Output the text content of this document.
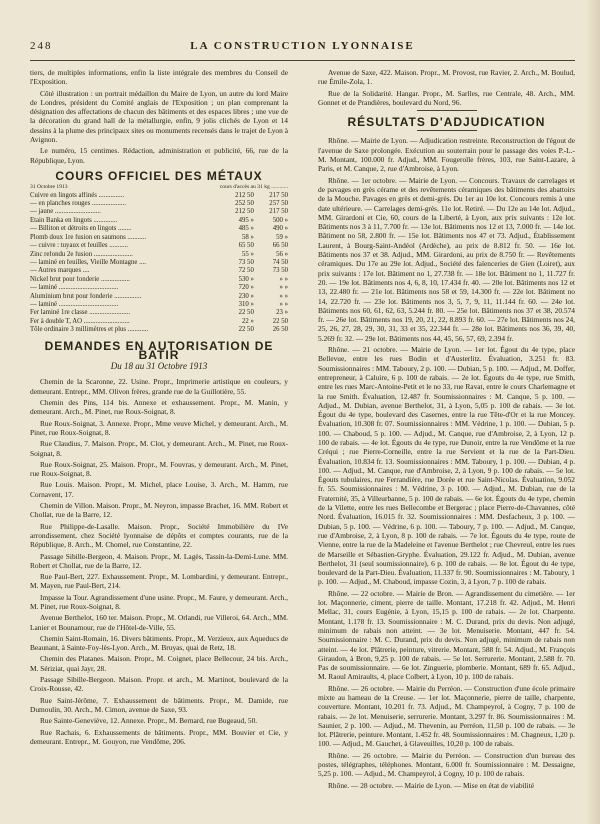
248	LA CONSTRUCTION LYONNAISE

tiers, de multiples informations, enfin la liste intégrale des membres du Conseil de l'Exposition.

Côté illustration : un portrait médaillon du Maire de Lyon, un autre du lord Maire de Londres, président du Comité anglais de l'Exposition ; un plan comprenant la désignation des affectations de chacun des bâtiments et des espaces libres ; une vue de la décoration du grand hall de la métallurgie, enfin, 9 jolis clichés de Lyon et 14 dessins à la plume des principaux sites ou monuments recensés dans le trajet de Lyon à Avignon.

Le numéro, 15 centimes. Rédaction, administration et publicité, 66, rue de la République, Lyon.

COURS OFFICIEL DES MÉTAUX
31 Octobre 1913	cours d'accès au 31 kg ............	
Cuivre en lingots affinés ...............	212 50	217 50
— en planches rouges ....................	252 50	257 50
— jaune ...........................	212 50	217 50
Étain Banka en lingots ..............	495 »	500 »
— Billiton et détroits en lingots ........	485 »	490 »
Plomb doux 1re fusion en saumons ...........	58 »	59 »
— cuivre : tuyaux et feuilles ...........	65 50	66 50
Zinc refondu 2e fusion .......................	55 »	56 »
— laminé en feuilles, Vieille Montagne ....	73 50	74 50
— Autres marques ....	72 50	73 50
Nickel brut pour fonderie .................	530 »	» »
— laminé ...................................	720 »	» »
Aluminium brut pour fonderie ................	230 »	» »
— laminé ...................................	310 »	» »
Fer laminé 1re classe ........................	22 50	23 »
Fer à double T, AO ...........................	22 »	22 50
Tôle ordinaire 3 millimètres et plus ............	22 50	26 50
DEMANDES EN AUTORISATION DE BATIR
Du 18 au 31 Octobre 1913

Chemin de la Scaronne, 22. Usine. Propr., Imprimerie artistique en couleurs, y demeurant. Entrepr., MM. Olivon frères, grande rue de la Guillotière, 55.

Chemin des Pins, 114 bis. Annexe et exhaussement. Propr., M. Manin, y demeurant. Arch., M. Pinet, rue Roux-Soignat, 8.

Rue Roux-Soignat, 3. Annexe. Propr., Mme veuve Michel, y demeurant. Arch., M. Pinet, rue Roux-Soignat, 8.

Rue Claudius, 7. Maison. Propr., M. Clot, y demeurant. Arch., M. Pinet, rue Roux-Soignat, 8.

Rue Roux-Soignat, 25. Maison. Propr., M. Fouvras, y demeurant. Arch., M. Pinet, rue Roux-Soignat, 8.

Rue Louis. Maison. Propr., M. Michel, place Louise, 3. Arch., M. Hamm, rue Cornavent, 17.

Chemin de Villon. Maison. Propr., M. Neyron, impasse Brachet, 16. MM. Robert et Chollat, rue de la Barre, 12.

Rue Philippe-de-Lasalle. Maison. Propr., Société Immobilière du IVe arrondissement, chez Société lyonnaise de dépôts et comptes courants, rue de la République, 8. Arch., M. Chomel, rue Constantine, 22.

Passage Sibille-Bergeon, 4. Maison. Propr., M. Lagès, Tassin-la-Demi-Lune. MM. Robert et Chollat, rue de la Barre, 12.

Rue Paul-Bert, 227. Exhaussement. Propr., M. Lombardini, y demeurant. Entrepr., M. Mayen, rue Paul-Bert, 214.

Impasse la Tour. Agrandissement d'une usine. Propr., M. Faure, y demeurant. Arch., M. Pinet, rue Roux-Soignat, 8.

Avenue Berthelot, 160 ter. Maison. Propr., M. Orlandi, rue Villeroi, 64. Arch., MM. Lanier et Bounamour, rue de l'Hôtel-de-Ville, 55.

Chemin Saint-Romain, 16. Divers bâtiments. Propr., M. Verzieux, aux Aqueducs de Beaunant, à Sainte-Foy-lès-Lyon. Arch., M. Bruyas, quai de Retz, 18.

Chemin des Platanes. Maison. Propr., M. Coignet, place Bellecour, 24 bis. Arch., M. Sériziat, quai Jayr, 28.

Passage Sibille-Bergeon. Maison. Propr. et arch., M. Martinot, boulevard de la Croix-Rousse, 42.

Rue Saint-Jérôme, 7. Exhaussement de bâtiments. Propr., M. Damide, rue Dumoulin, 30. Arch., M. Cimon, avenue de Saxe, 93.

Rue Sainte-Geneviève, 12. Annexe. Propr., M. Bernard, rue Bugeaud, 50.

Rue Rachais, 6. Exhaussements de bâtiments. Propr., MM. Bouvier et Cie, y demeurant. Entrepr., M. Gouyon, rue Vendôme, 206.

Avenue de Saxe, 422. Maison. Propr., M. Provost, rue Ravier, 2. Arch., M. Boulud, rue Émile-Zola, 1.

Rue de la Solidarité. Hangar. Propr., M. Sarlles, rue Centrale, 48. Arch., MM. Gonnet et de Prandières, boulevard du Nord, 96.

RÉSULTATS D'ADJUDICATION

Rhône. — Mairie de Lyon. — Adjudication restreinte. Reconstruction de l'égout de l'avenue de Saxe prolongée. Exécution au souterrain pour le passage des voies P.-L.-M. Montant, 100.000 fr. Adjud., MM. Fougerolle frères, 103, rue Saint-Lazare, à Paris, et M. Canque, 2, rue d'Ambroise, à Lyon.

Rhône. — 1er octobre. — Mairie de Lyon. — Concours. Travaux de carrelages et de pavages en grès cérame et des revêtements céramiques des bâtiments des abattoirs de la Mouche. Pavages en grès et demi-grès. Du 1er au 10e lot. Concours remis à une date ultérieure. — Carrelages demi-grès. 11e lot. Retiré. — Du 12e au 14e lot. Adjud., MM. Girardoni et Cie, 60, cours de la Liberté, à Lyon, aux prix suivants : 12e lot. Bâtiments nos 3 à 11, 7.700 fr. — 13e lot. Bâtiments nos 12 et 13, 7.000 fr. — 14e lot. Bâtiment no 58, 2.800 fr. — 15e lot. Bâtiments nos 47 et 73. Adjud., Établissement Laurent, à Bourg-Saint-Andéol (Ardèche), au prix de 8.812 fr. 50. — 16e lot. Bâtiments nos 37 et 38. Adjud., MM. Girardoni, au prix de 8.750 fr. — Revêtements céramiques. Du 17e au 29e lot. Adjud., Société des faïenceries de Gien (Loiret), aux prix suivants : 17e lot. Bâtiment no 1, 27.738 fr. — 18e lot. Bâtiment no 1, 11.727 fr. 20. — 19e lot. Bâtiments nos 4, 6, 8, 10, 17.434 fr. 40. — 20e lot. Bâtiments nos 12 et 13, 22.480 fr. — 21e lot. Bâtiments nos 58 et 59, 14.300 fr. — 22e lot. Bâtiment no 14, 22.720 fr. — 23e lot. Bâtiments nos 3, 5, 7, 9, 11, 11.144 fr. 60. — 24e lot. Bâtiments nos 60, 61, 62, 63, 5.244 fr. 80. — 25e lot. Bâtiments nos 37 et 38, 20.574 fr. — 26e lot. Bâtiments nos 19, 20, 21, 22, 8.893 fr. 60. — 27e lot. Bâtiments nos 24, 25, 26, 27, 28, 29, 30, 31, 33 et 35, 22.344 fr. — 28e lot. Bâtiments nos 36, 39, 40, 5.269 fr. 32. — 29e lot. Bâtiments nos 44, 45, 56, 57, 69, 2.394 fr.

Rhône. — 21 octobre. — Mairie de Lyon. — 1er lot. Égout du 4e type, place Bellevue, entre les rues Bodin et d'Austerlitz. Évaluation, 3.251 fr. 83. Soumissionnaires : MM. Taboury, 2 p. 100. — Dubian, 5 p. 100. — Adjud., M. Doffer, entrepreneur, à Caluire, 6 p. 100 de rabais. — 2e lot. Égouts du 4e type, rue Smith, entre les rues Marc-Antoine-Petit et le no 33, rue Ravat, entre le cours Charlemagne et la rue Smith. Évaluation, 12.487 fr. Soumissionnaires : M. Canque, 5 p. 100. — Adjud., M. Dubian, avenue Berthelot, 31, à Lyon, 5,05 p. 100 de rabais. — 3e lot. Égout du 4e type, boulevard des Casernes, entre la rue Tête-d'Or et la rue Moncey. Évaluation, 10.308 fr. 07. Soumissionnaires : MM. Védrine, 1 p. 100. — Dubian, 5 p. 100. — Chaboud, 5 p. 100. — Adjud., M. Canque, rue d'Ambroise, 2, à Lyon, 12 p. 100 de rabais. — 4e lot. Égouts du 4e type, rue Dunoir, entre la rue Vendôme et la rue Créqui ; rue Pierre-Corneille, entre la rue Servient et la rue de la Part-Dieu. Évaluation, 10.834 fr. 13. Soumissionnaires : MM. Taboury, 1 p. 100. — Dubian, 4 p. 100. — Adjud., M. Canque, rue d'Ambroise, 2, à Lyon, 9 p. 100 de rabais. — 5e lot. Égouts tubulaires, rue Ferrandière, rue Dorée et rue Saint-Nicolas. Évaluation, 9.052 fr. 55. Soumissionnaires : M. Védrine, 3 p. 100. — Adjud., M. Dubian, rue de la Fraternité, 35, à Villeurbanne, 5 p. 100 de rabais. — 6e lot. Égouts du 4e type, chemin de la Vilette, entre les rues Bellecombe et Bergerac ; place Pierre-de-Chavannes, côté Nord. Évaluation, 16.015 fr. 32. Soumissionnaires : MM. Desfacheux, 3 p. 100. — Dubian, 5 p. 100. — Védrine, 6 p. 100. — Taboury, 7 p. 100. — Adjud., M. Canque, rue d'Ambroise, 2, à Lyon, 8 p. 100 de rabais. — 7e lot. Égouts du 4e type, route de Vienne, entre la rue de la Madeleine et l'avenue Berthelot ; rue Chevreul, entre les rues de Marseille et Sébastien-Gryphe. Évaluation, 29.122 fr. Adjud., M. Dubian, avenue Berthelot, 31 (seul soumissionnaire), 6 p. 100 de rabais. — 8e lot. Égout du 4e type, boulevard de la Part-Dieu. Évaluation, 11.337 fr. 90. Soumissionnaires : M. Taboury, 1 p. 100. — Adjud., M. Chaboud, impasse Cozin, 3, à Lyon, 7 p. 100 de rabais.

Rhône. — 22 octobre. — Mairie de Bron. — Agrandissement du cimetière. — 1er lot. Maçonnerie, ciment, pierre de taille. Montant, 17.218 fr. 42. Adjud., M. Henri Mellac, 31, cours Eugénie, à Lyon, 15,15 p. 100 de rabais. — 2e lot. Charpente. Montant, 1.178 fr. 13. Soumissionnaire : M. C. Durand, prix du devis. Non adjugé, minimum de rabais non atteint. — 3e lot. Menuiserie. Montant, 447 fr. 54. Soumissionnaire : M. C. Durand, prix du devis. Non adjugé, minimum de rabais non atteint. — 4e lot. Plâtrerie, peinture, vitrerie. Montant, 588 fr. 54. Adjud., M. François Giraudon, à Bron, 9,25 p. 100 de rabais. — 5e lot. Serrurerie. Montant, 2.588 fr. 70. Pas de soumissionnaire. — 6e lot. Zinguerie, plomberie. Montant, 689 fr. 65. Adjud., M. Raoul Amiraults, 4, place Colbert, à Lyon, 10 p. 100 de rabais.

Rhône. — 26 octobre. — Mairie du Perréon. — Construction d'une école primaire mixte au hameau de la Creuse. — 1er lot. Maçonnerie, pierre de taille, charpente, couverture. Montant, 10.201 fr. 73. Adjud., M. Champeyrol, à Cogny, 7 p. 100 de rabais. — 2e lot. Menuiserie, serrurerie. Montant, 3.297 fr. 86. Soumissionnaires : M. Saunier, 2 p. 100. — Adjud., M. Thevenin, au Perréon, 11,50 p. 100 de rabais. — 3e lot. Plâtrerie, peinture. Montant, 1.452 fr. 48. Soumissionnaires : M. Chagneux, 1,20 p. 100. — Adjud., M. Gauchet, à Glaveuilles, 10,20 p. 100 de rabais.

Rhône. — 26 octobre. — Mairie du Perréon. — Construction d'un bureau des postes, télégraphes, téléphones. Montant, 6.000 fr. Soumissionnaire : M. Dessaigne, 5,25 p. 100. — Adjud., M. Champeyrol, à Cogny, 10 p. 100 de rabais.

Rhône. — 28 octobre. — Mairie de Lyon. — Mise en état de viabilité
